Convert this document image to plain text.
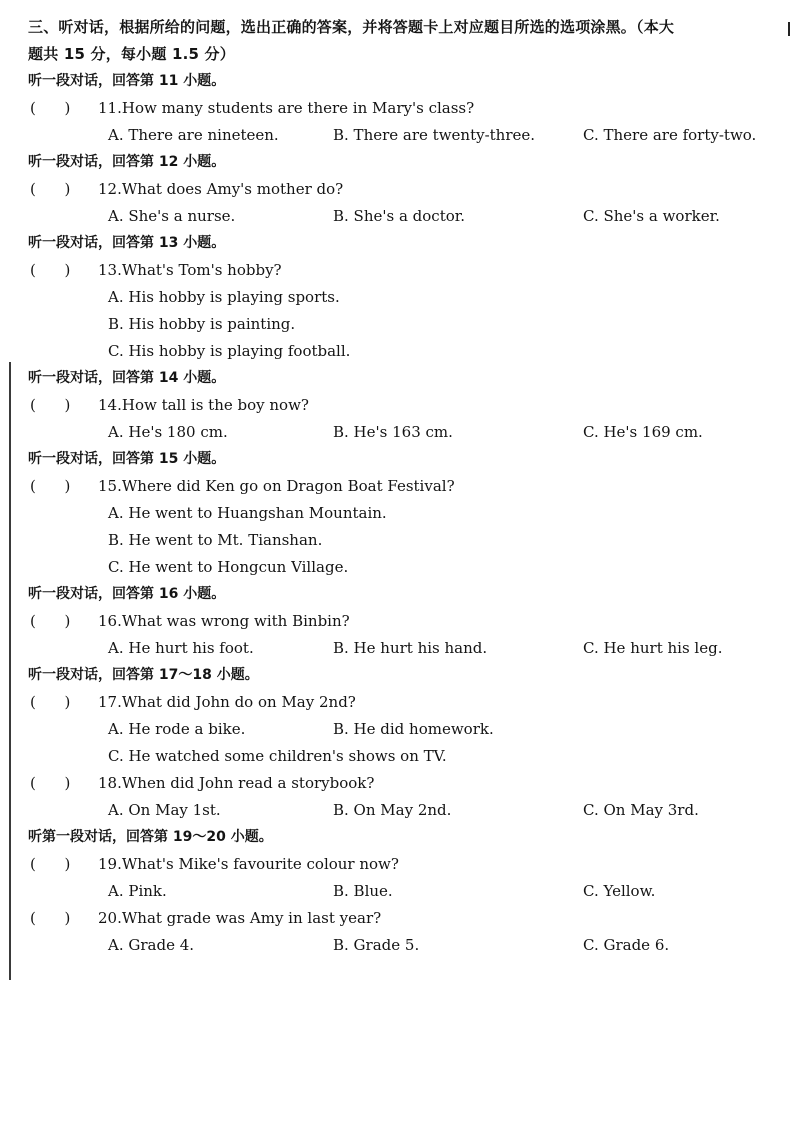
三、听对话，根据所给的问题，选出正确的答案，并将答题卡上对应题目所选的选项涂黑。（本大

题共 15 分，每小题 1.5 分）

听一段对话，回答第 11 小题。
(      ) 11.How many students are there in Mary's class?
A. There are nineteen.	B. There are twenty-three.	C. There are forty-two.
听一段对话，回答第 12 小题。
(      ) 12.What does Amy's mother do?
A. She's a nurse.	B. She's a doctor.	C. She's a worker.
听一段对话，回答第 13 小题。
(      ) 13.What's Tom's hobby?
A. His hobby is playing sports.
B. His hobby is painting.
C. His hobby is playing football.
听一段对话，回答第 14 小题。
(      ) 14.How tall is the boy now?
A. He's 180 cm.	B. He's 163 cm.	C. He's 169 cm.
听一段对话，回答第 15 小题。
(      ) 15.Where did Ken go on Dragon Boat Festival?
A. He went to Huangshan Mountain.
B. He went to Mt. Tianshan.
C. He went to Hongcun Village.
听一段对话，回答第 16 小题。
(      ) 16.What was wrong with Binbin?
A. He hurt his foot.	B. He hurt his hand.	C. He hurt his leg.
听一段对话，回答第 17～18 小题。
(      ) 17.What did John do on May 2nd?
A. He rode a bike.	B. He did homework.
C. He watched some children's shows on TV.
(      ) 18.When did John read a storybook?
A. On May 1st.	B. On May 2nd.	C. On May 3rd.
听第一段对话，回答第 19～20 小题。
(      ) 19.What's Mike's favourite colour now?
A. Pink.	B. Blue.	C. Yellow.
(      ) 20.What grade was Amy in last year?
A. Grade 4.	B. Grade 5.	C. Grade 6.
